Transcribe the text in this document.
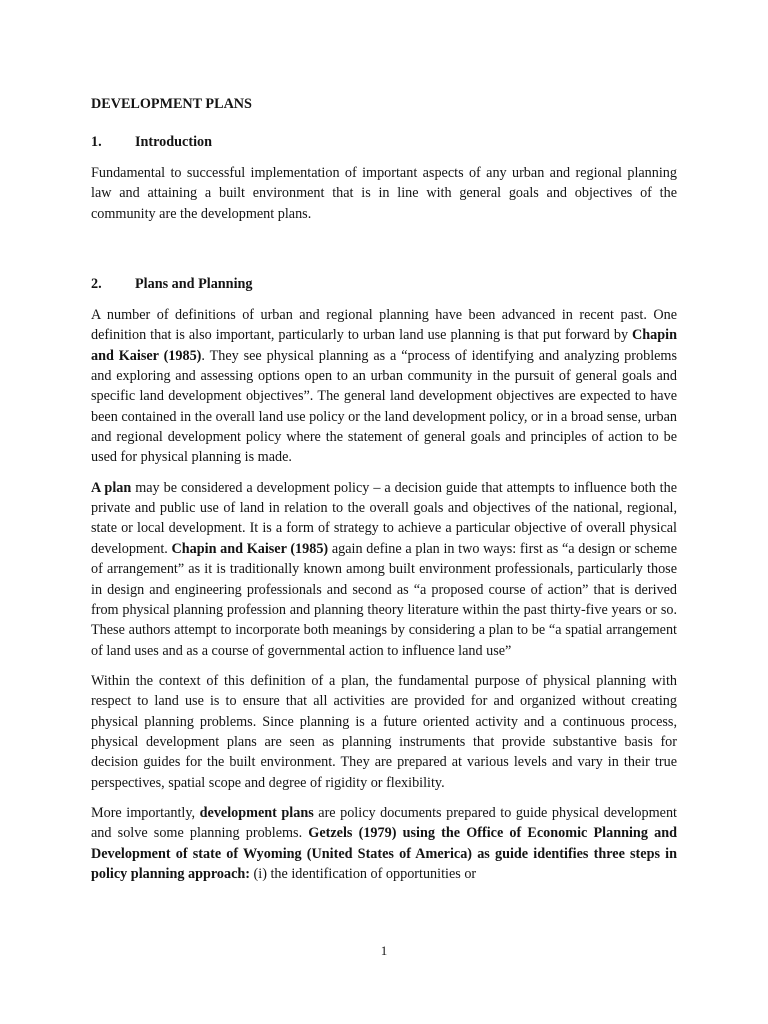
DEVELOPMENT PLANS

1. Introduction

Fundamental to successful implementation of important aspects of any urban and regional planning law and attaining a built environment that is in line with general goals and objectives of the community are the development plans.

2. Plans and Planning

A number of definitions of urban and regional planning have been advanced in recent past. One definition that is also important, particularly to urban land use planning is that put forward by Chapin and Kaiser (1985). They see physical planning as a “process of identifying and analyzing problems and exploring and assessing options open to an urban community in the pursuit of general goals and specific land development objectives”. The general land development objectives are expected to have been contained in the overall land use policy or the land development policy, or in a broad sense, urban and regional development policy where the statement of general goals and principles of action to be used for physical planning is made.

A plan may be considered a development policy – a decision guide that attempts to influence both the private and public use of land in relation to the overall goals and objectives of the national, regional, state or local development. It is a form of strategy to achieve a particular objective of overall physical development. Chapin and Kaiser (1985) again define a plan in two ways: first as “a design or scheme of arrangement” as it is traditionally known among built environment professionals, particularly those in design and engineering professionals and second as “a proposed course of action” that is derived from physical planning profession and planning theory literature within the past thirty-five years or so. These authors attempt to incorporate both meanings by considering a plan to be “a spatial arrangement of land uses and as a course of governmental action to influence land use”

Within the context of this definition of a plan, the fundamental purpose of physical planning with respect to land use is to ensure that all activities are provided for and organized without creating physical planning problems. Since planning is a future oriented activity and a continuous process, physical development plans are seen as planning instruments that provide substantive basis for decision guides for the built environment. They are prepared at various levels and vary in their true perspectives, spatial scope and degree of rigidity or flexibility.

More importantly, development plans are policy documents prepared to guide physical development and solve some planning problems. Getzels (1979) using the Office of Economic Planning and Development of state of Wyoming (United States of America) as guide identifies three steps in policy planning approach: (i) the identification of opportunities or

1
